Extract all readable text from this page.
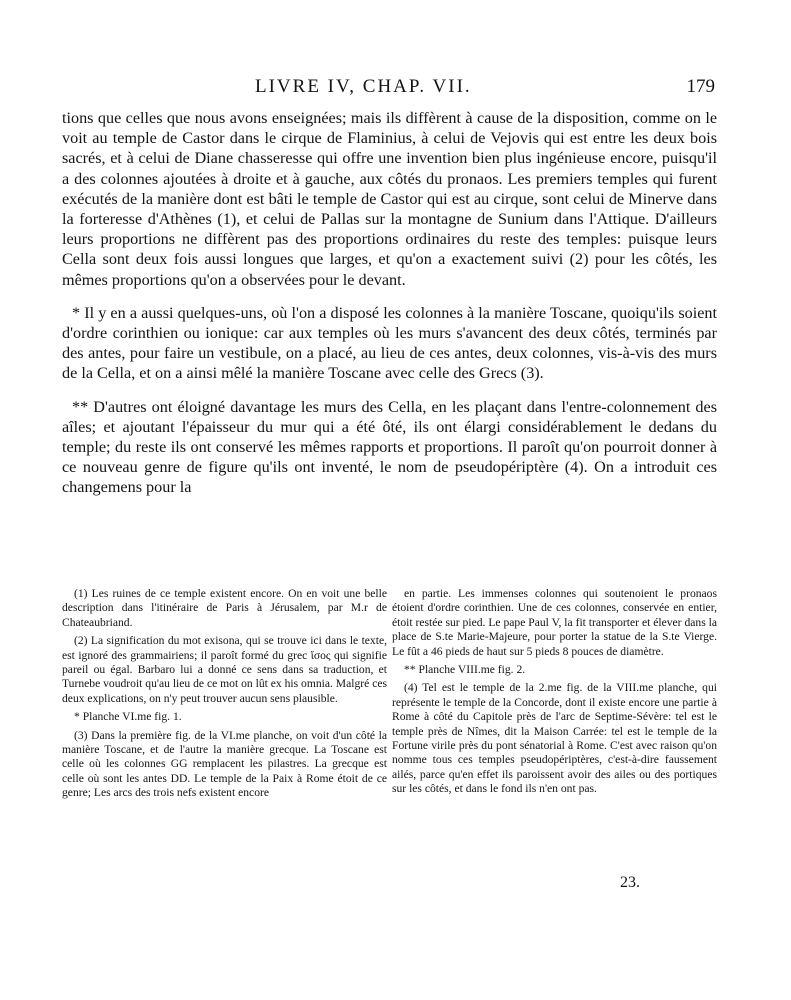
LIVRE IV, CHAP. VII.	179

tions que celles que nous avons enseignées; mais ils diffèrent à cause de la disposition, comme on le voit au temple de Castor dans le cirque de Flaminius, à celui de Vejovis qui est entre les deux bois sacrés, et à celui de Diane chasseresse qui offre une invention bien plus ingénieuse encore, puisqu'il a des colonnes ajoutées à droite et à gauche, aux côtés du pronaos. Les premiers temples qui furent exécutés de la manière dont est bâti le temple de Castor qui est au cirque, sont celui de Minerve dans la forteresse d'Athènes (1), et celui de Pallas sur la montagne de Sunium dans l'Attique. D'ailleurs leurs proportions ne diffèrent pas des proportions ordinaires du reste des temples: puisque leurs Cella sont deux fois aussi longues que larges, et qu'on a exactement suivi (2) pour les côtés, les mêmes proportions qu'on a observées pour le devant.

* Il y en a aussi quelques-uns, où l'on a disposé les colonnes à la manière Toscane, quoiqu'ils soient d'ordre corinthien ou ionique: car aux temples où les murs s'avancent des deux côtés, terminés par des antes, pour faire un vestibule, on a placé, au lieu de ces antes, deux colonnes, vis-à-vis des murs de la Cella, et on a ainsi mêlé la manière Toscane avec celle des Grecs (3).

** D'autres ont éloigné davantage les murs des Cella, en les plaçant dans l'entre-colonnement des aîles; et ajoutant l'épaisseur du mur qui a été ôté, ils ont élargi considérablement le dedans du temple; du reste ils ont conservé les mêmes rapports et proportions. Il paroît qu'on pourroit donner à ce nouveau genre de figure qu'ils ont inventé, le nom de pseudopériptère (4). On a introduit ces changemens pour la

(1) Les ruines de ce temple existent encore. On en voit une belle description dans l'itinéraire de Paris à Jérusalem, par M.r de Chateaubriand.

(2) La signification du mot exisona, qui se trouve ici dans le texte, est ignoré des grammairiens; il paroît formé du grec ἴσος qui signifie pareil ou égal. Barbaro lui a donné ce sens dans sa traduction, et Turnebe voudroit qu'au lieu de ce mot on lût ex his omnia. Malgré ces deux explications, on n'y peut trouver aucun sens plausible.

* Planche VI.me fig. 1.

(3) Dans la première fig. de la VI.me planche, on voit d'un côté la manière Toscane, et de l'autre la manière grecque. La Toscane est celle où les colonnes GG remplacent les pilastres. La grecque est celle où sont les antes DD. Le temple de la Paix à Rome étoit de ce genre; Les arcs des trois nefs existent encore

en partie. Les immenses colonnes qui soutenoient le pronaos étoient d'ordre corinthien. Une de ces colonnes, conservée en entier, étoit restée sur pied. Le pape Paul V, la fit transporter et élever dans la place de S.te Marie-Majeure, pour porter la statue de la S.te Vierge. Le fût a 46 pieds de haut sur 5 pieds 8 pouces de diamètre.

** Planche VIII.me fig. 2.

(4) Tel est le temple de la 2.me fig. de la VIII.me planche, qui représente le temple de la Concorde, dont il existe encore une partie à Rome à côté du Capitole près de l'arc de Septime-Sévère: tel est le temple près de Nîmes, dit la Maison Carrée: tel est le temple de la Fortune virile près du pont sénatorial à Rome. C'est avec raison qu'on nomme tous ces temples pseudopériptères, c'est-à-dire faussement ailés, parce qu'en effet ils paroissent avoir des ailes ou des portiques sur les côtés, et dans le fond ils n'en ont pas.

23.
